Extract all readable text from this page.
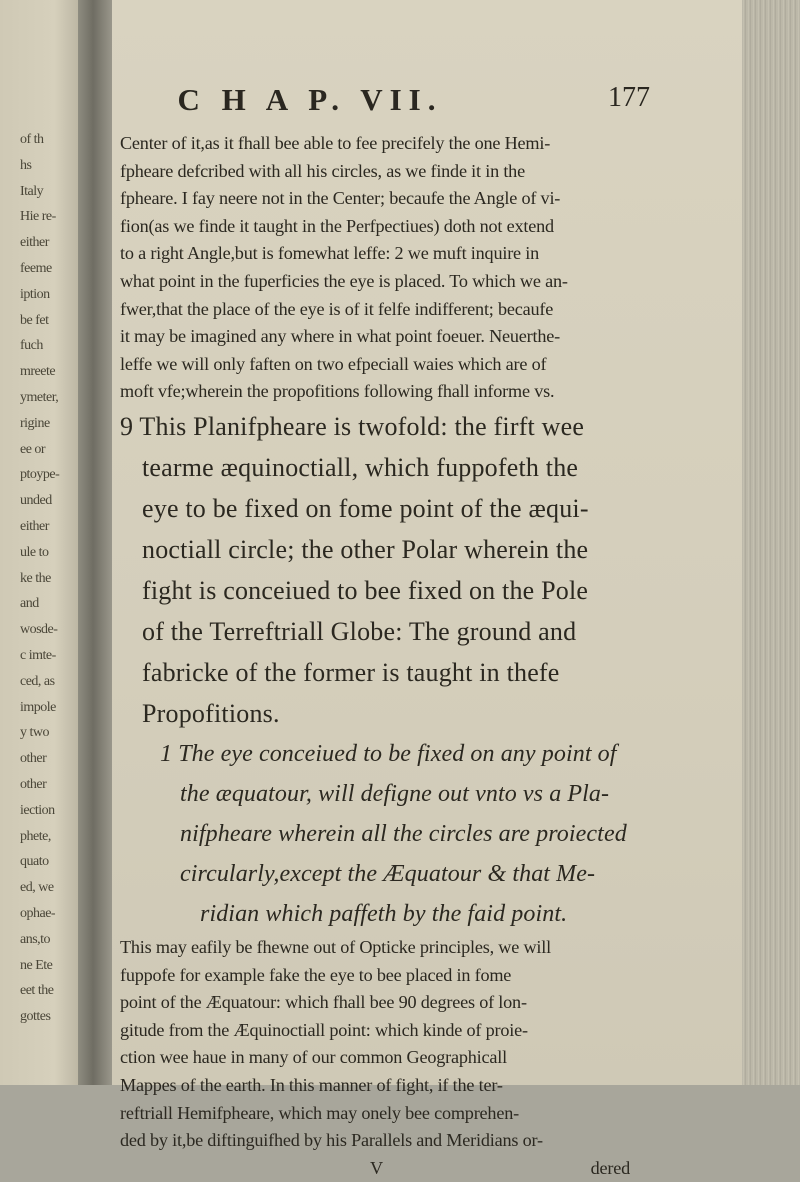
of th
hs
Italy
Hie re-
either
feeme
iption
be fet
fuch
mreete
ymeter,
rigine
ee or
ptoype-
unded
either
ule to
ke the
and
wosde-
c imte-
ced, as
impole
y two
other
other
iection
phete,
quato
ed, we
ophae-
ans,to
ne Ete
eet the
gottes
C H A P. VII.	177
Center of it,as it fhall bee able to fee precifely the one Hemi-
fpheare defcribed with all his circles, as we finde it in the
fpheare. I fay neere not in the Center; becaufe the Angle of vi-
fion(as we finde it taught in the Perfpectiues) doth not extend
to a right Angle,but is fomewhat leffe: 2 we muft inquire in
what point in the fuperficies the eye is placed. To which we an-
fwer,that the place of the eye is of it felfe indifferent; becaufe
it may be imagined any where in what point foeuer. Neuerthe-
leffe we will only faften on two efpeciall waies which are of
moft vfe;wherein the propofitions following fhall informe vs.
9 This Planifpheare is twofold: the firft wee
tearme æquinoctiall, which fuppofeth the
eye to be fixed on fome point of the æqui-
noctiall circle; the other Polar wherein the
fight is conceiued to bee fixed on the Pole
of the Terreftriall Globe: The ground and
fabricke of the former is taught in thefe
Propofitions.
1 The eye conceiued to be fixed on any point of
the æquatour, will defigne out vnto vs a Pla-
nifpheare wherein all the circles are proiected
circularly,except the Æquatour & that Me-
ridian which paffeth by the faid point.
This may eafily be fhewne out of Opticke principles, we will
fuppofe for example fake the eye to bee placed in fome
point of the Æquatour: which fhall bee 90 degrees of lon-
gitude from the Æquinoctiall point: which kinde of proie-
ction wee haue in many of our common Geographicall
Mappes of the earth. In this manner of fight, if the ter-
reftriall Hemifpheare, which may onely bee comprehen-
ded by it,be diftinguifhed by his Parallels and Meridians or-
V	dered
